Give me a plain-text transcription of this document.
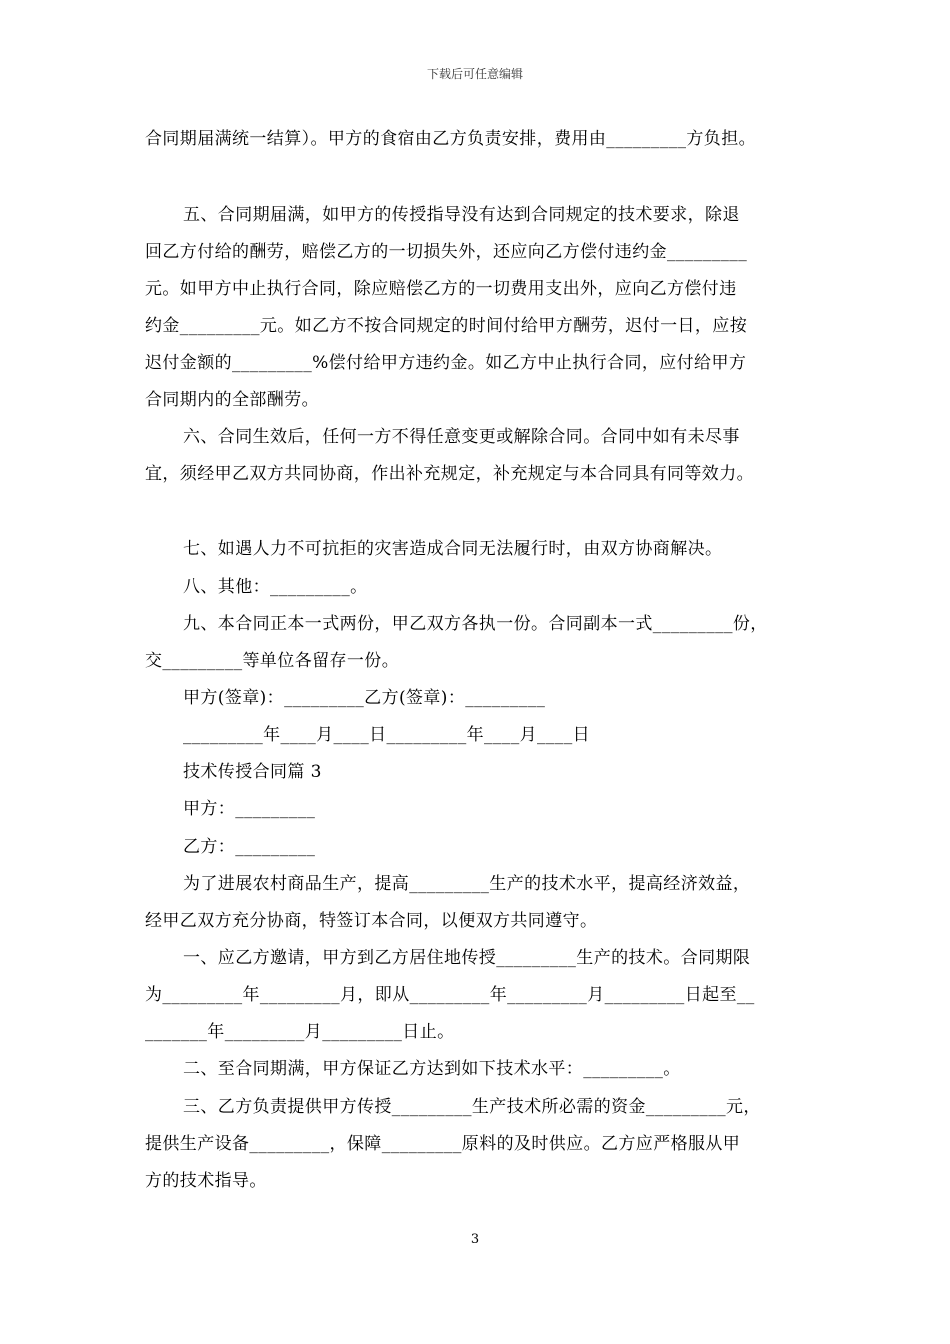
下载后可任意编辑
合同期届满统一结算）。甲方的食宿由乙方负责安排，费用由_________方负担。
五、合同期届满，如甲方的传授指导没有达到合同规定的技术要求，除退
回乙方付给的酬劳，赔偿乙方的一切损失外，还应向乙方偿付违约金_________
元。如甲方中止执行合同，除应赔偿乙方的一切费用支出外，应向乙方偿付违
约金_________元。如乙方不按合同规定的时间付给甲方酬劳，迟付一日，应按
迟付金额的_________%偿付给甲方违约金。如乙方中止执行合同，应付给甲方
合同期内的全部酬劳。
六、合同生效后，任何一方不得任意变更或解除合同。合同中如有未尽事
宜，须经甲乙双方共同协商，作出补充规定，补充规定与本合同具有同等效力。
七、如遇人力不可抗拒的灾害造成合同无法履行时，由双方协商解决。
八、其他：_________。
九、本合同正本一式两份，甲乙双方各执一份。合同副本一式_________份，
交_________等单位各留存一份。
甲方(签章)：_________乙方(签章)：_________
_________年____月____日_________年____月____日
技术传授合同篇 3
甲方：_________
乙方：_________
为了进展农村商品生产，提高_________生产的技术水平，提高经济效益，
经甲乙双方充分协商，特签订本合同，以便双方共同遵守。
一、应乙方邀请，甲方到乙方居住地传授_________生产的技术。合同期限
为_________年_________月，即从_________年_________月_________日起至__
_______年_________月_________日止。
二、至合同期满，甲方保证乙方达到如下技术水平：_________。
三、乙方负责提供甲方传授_________生产技术所必需的资金_________元，
提供生产设备_________，保障_________原料的及时供应。乙方应严格服从甲
方的技术指导。
3
